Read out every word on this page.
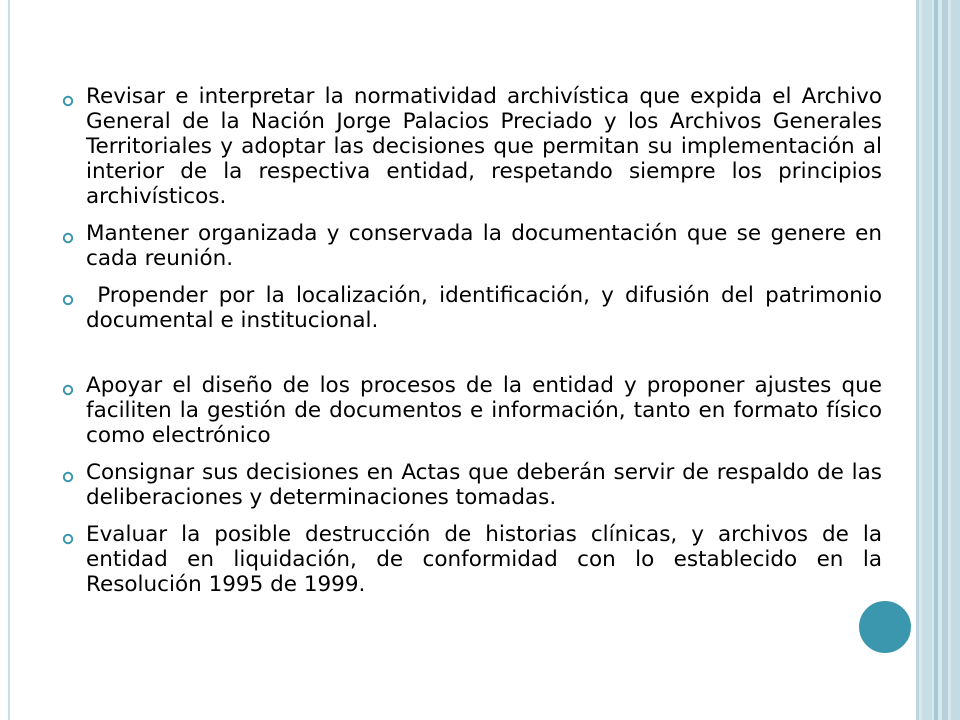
Revisar e interpretar la normatividad archivística que expida el Archivo General de la Nación Jorge Palacios Preciado y los Archivos Generales Territoriales y adoptar las decisiones que permitan su implementación al interior de la respectiva entidad, respetando siempre los principios archivísticos.
Mantener organizada y conservada la documentación que se genere en cada reunión.
Propender por la localización, identificación, y difusión del patrimonio documental e institucional.
Apoyar el diseño de los procesos de la entidad y proponer ajustes que faciliten la gestión de documentos e información, tanto en formato físico como electrónico
Consignar sus decisiones en Actas que deberán servir de respaldo de las deliberaciones y determinaciones tomadas.
Evaluar la posible destrucción de historias clínicas, y archivos de la entidad en liquidación, de conformidad con lo establecido en la Resolución 1995 de 1999.
